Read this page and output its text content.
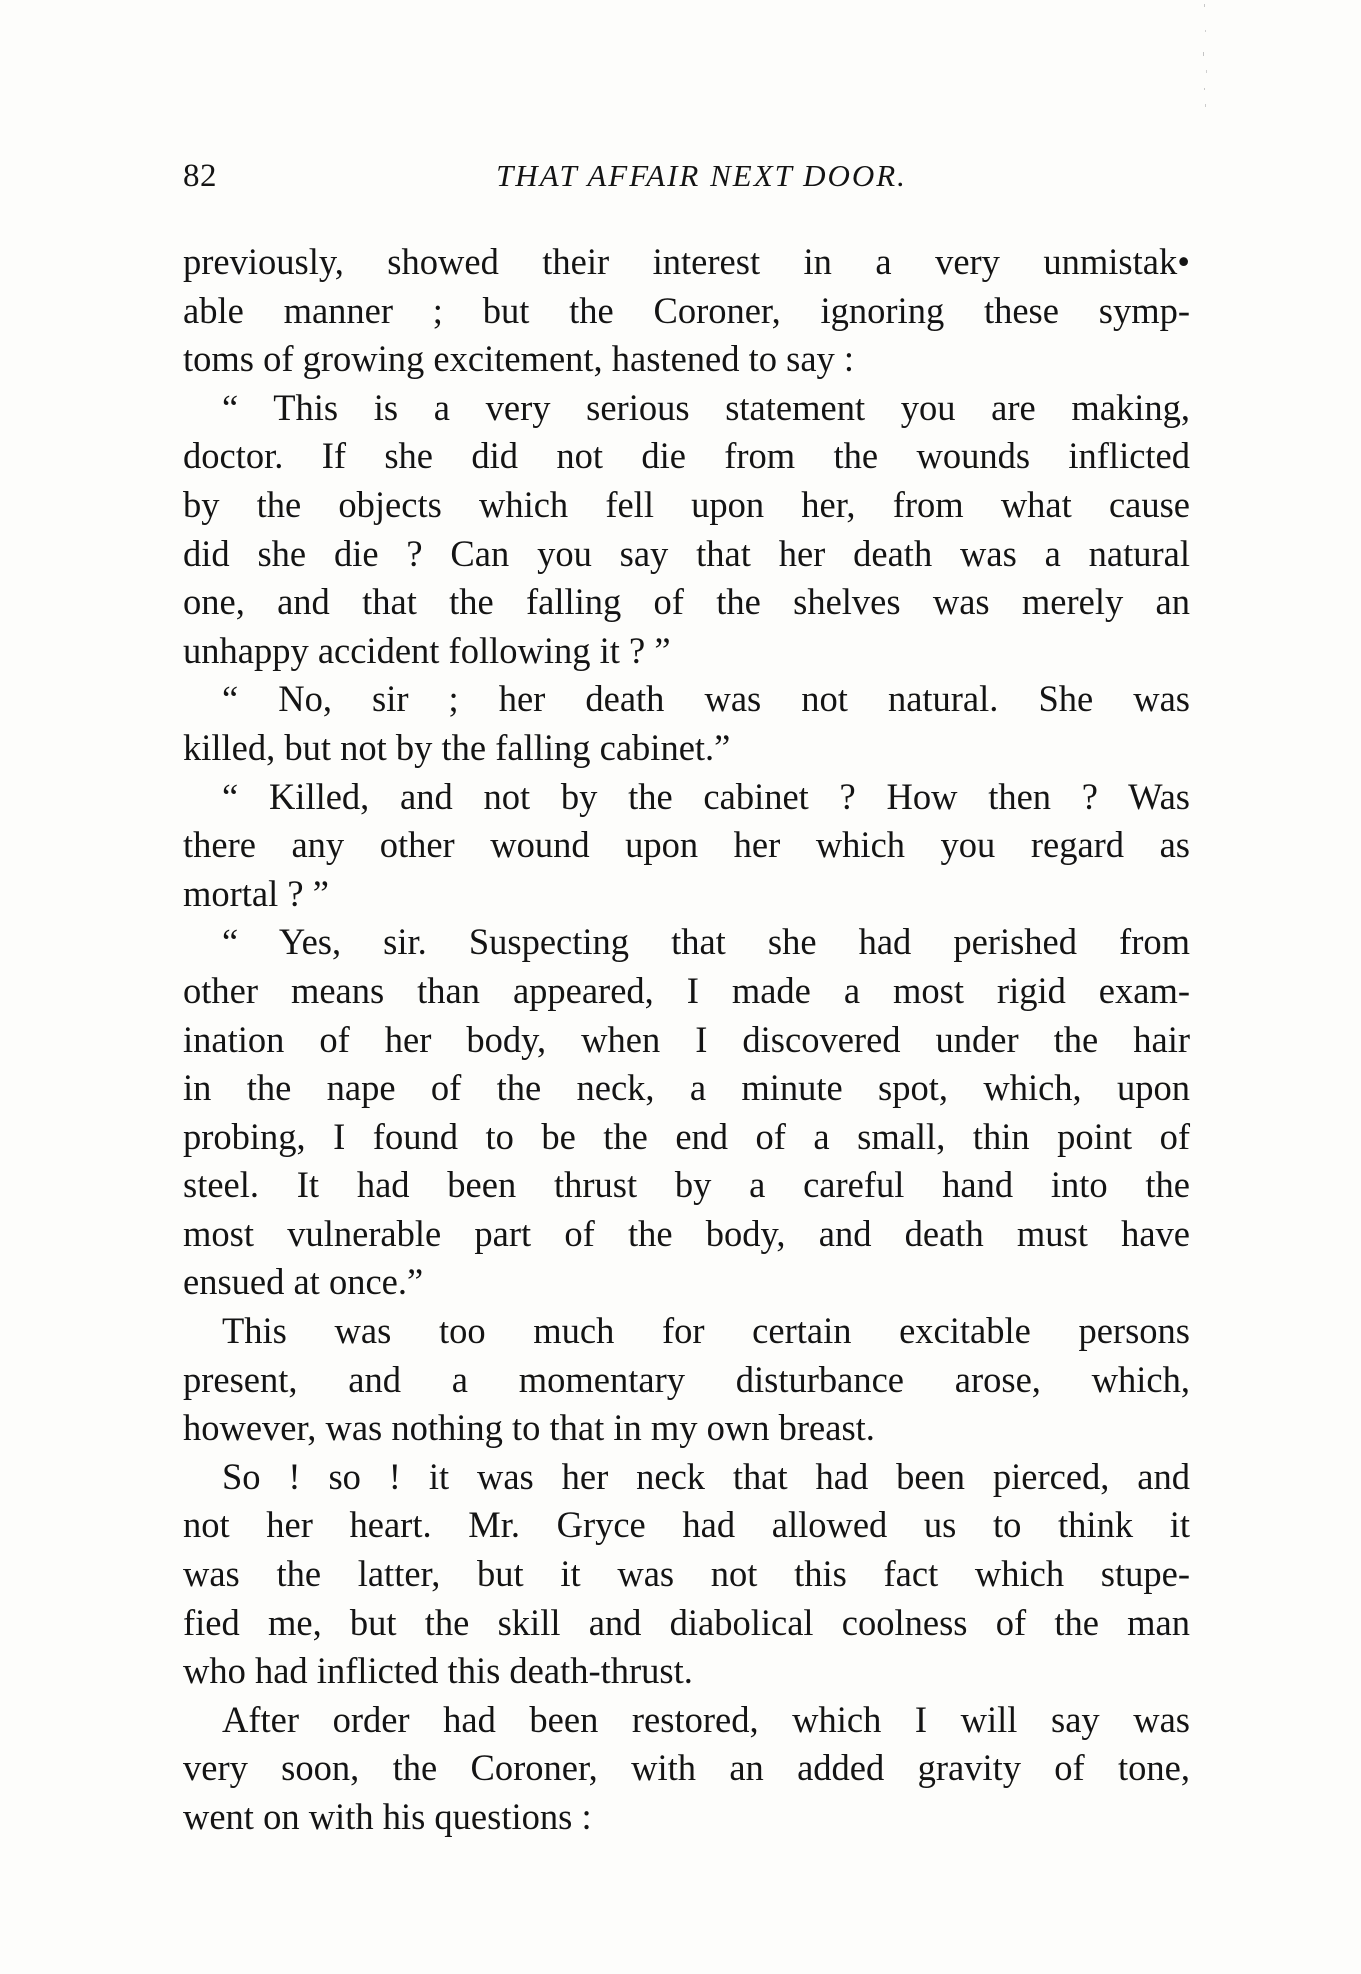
82	THAT AFFAIR NEXT DOOR.
previously, showed their interest in a very unmistak•
able manner ; but the Coroner, ignoring these symp-
toms of growing excitement, hastened to say :
“ This is a very serious statement you are making,
doctor. If she did not die from the wounds inflicted
by the objects which fell upon her, from what cause
did she die ? Can you say that her death was a natural
one, and that the falling of the shelves was merely an
unhappy accident following it ? ”
“ No, sir ; her death was not natural. She was
killed, but not by the falling cabinet.”
“ Killed, and not by the cabinet ? How then ? Was
there any other wound upon her which you regard as
mortal ? ”
“ Yes, sir. Suspecting that she had perished from
other means than appeared, I made a most rigid exam-
ination of her body, when I discovered under the hair
in the nape of the neck, a minute spot, which, upon
probing, I found to be the end of a small, thin point of
steel. It had been thrust by a careful hand into the
most vulnerable part of the body, and death must have
ensued at once.”
This was too much for certain excitable persons
present, and a momentary disturbance arose, which,
however, was nothing to that in my own breast.
So ! so ! it was her neck that had been pierced, and
not her heart. Mr. Gryce had allowed us to think it
was the latter, but it was not this fact which stupe-
fied me, but the skill and diabolical coolness of the man
who had inflicted this death-thrust.
After order had been restored, which I will say was
very soon, the Coroner, with an added gravity of tone,
went on with his questions :
